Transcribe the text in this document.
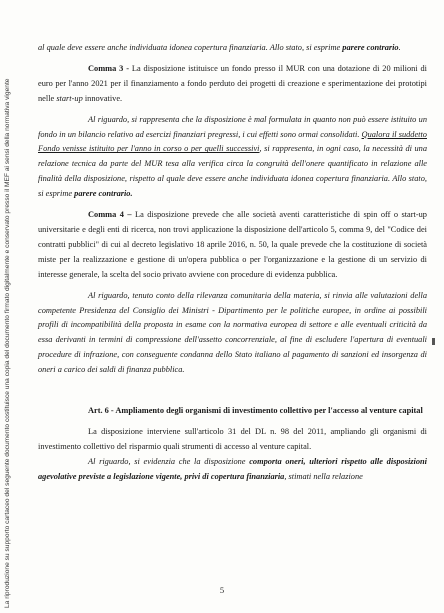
La riproduzione su supporto cartaceo del seguente documento costituisce una copia del documento firmato digitalmente e conservato presso il MEF ai sensi della normativa vigente

al quale deve essere anche individuata idonea copertura finanziaria. Allo stato, si esprime parere contrario.

Comma 3 - La disposizione istituisce un fondo presso il MUR con una dotazione di 20 milioni di euro per l'anno 2021 per il finanziamento a fondo perduto dei progetti di creazione e sperimentazione dei prototipi nelle start-up innovative.

Al riguardo, si rappresenta che la disposizione è mal formulata in quanto non può essere istituito un fondo in un bilancio relativo ad esercizi finanziari pregressi, i cui effetti sono ormai consolidati. Qualora il suddetto Fondo venisse istituito per l'anno in corso o per quelli successivi, si rappresenta, in ogni caso, la necessità di una relazione tecnica da parte del MUR tesa alla verifica circa la congruità dell'onere quantificato in relazione alle finalità della disposizione, rispetto al quale deve essere anche individuata idonea copertura finanziaria. Allo stato, si esprime parere contrario.

Comma 4 – La disposizione prevede che alle società aventi caratteristiche di spin off o start-up universitarie e degli enti di ricerca, non trovi applicazione la disposizione dell'articolo 5, comma 9, del "Codice dei contratti pubblici" di cui al decreto legislativo 18 aprile 2016, n. 50, la quale prevede che la costituzione di società miste per la realizzazione e gestione di un'opera pubblica o per l'organizzazione e la gestione di un servizio di interesse generale, la scelta del socio privato avviene con procedure di evidenza pubblica.

Al riguardo, tenuto conto della rilevanza comunitaria della materia, si rinvia alle valutazioni della competente Presidenza del Consiglio dei Ministri - Dipartimento per le politiche europee, in ordine ai possibili profili di incompatibilità della proposta in esame con la normativa europea di settore e alle eventuali criticità da essa derivanti in termini di compressione dell'assetto concorrenziale, al fine di escludere l'apertura di eventuali procedure di infrazione, con conseguente condanna dello Stato italiano al pagamento di sanzioni ed insorgenza di oneri a carico dei saldi di finanza pubblica.

Art. 6 - Ampliamento degli organismi di investimento collettivo per l'accesso al venture capital

La disposizione interviene sull'articolo 31 del DL n. 98 del 2011, ampliando gli organismi di investimento collettivo del risparmio quali strumenti di accesso al venture capital.

Al riguardo, si evidenzia che la disposizione comporta oneri, ulteriori rispetto alle disposizioni agevolative previste a legislazione vigente, privi di copertura finanziaria, stimati nella relazione

5
